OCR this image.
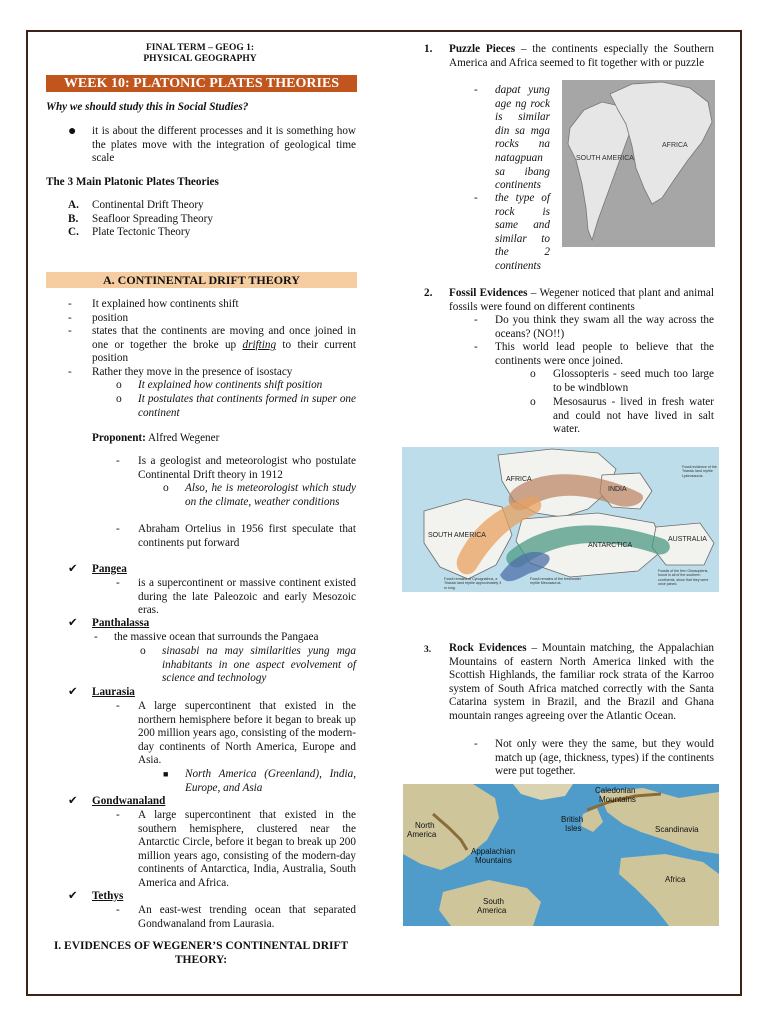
FINAL TERM – GEOG 1:
PHYSICAL GEOGRAPHY
WEEK 10: PLATONIC PLATES THEORIES
Why we should study this in Social Studies?
● it is about the different processes and it is something how the plates move with the integration of geological time scale
The 3 Main Platonic Plates Theories
A. Continental Drift Theory
B. Seafloor Spreading Theory
C. Plate Tectonic Theory
A. CONTINENTAL DRIFT THEORY
- It explained how continents shift
- position
- states that the continents are moving and once joined in one or together the broke up drifting to their current position
- Rather they move in the presence of isostacy
o It explained how continents shift position
o It postulates that continents formed in super one continent
Proponent: Alfred Wegener
- Is a geologist and meteorologist who postulate Continental Drift theory in 1912
o Also, he is meteorologist which study on the climate, weather conditions
- Abraham Ortelius in 1956 first speculate that continents put forward
✔ Pangea
- is a supercontinent or massive continent existed during the late Paleozoic and early Mesozoic eras.
✔ Panthalassa
- the massive ocean that surrounds the Pangaea
o sinasabi na may similarities yung mga inhabitants in one aspect evolvement of science and technology
✔ Laurasia
- A large supercontinent that existed in the northern hemisphere before it began to break up 200 million years ago, consisting of the modern-day continents of North America, Europe and Asia.
■ North America (Greenland), India, Europe, and Asia
✔ Gondwanaland
- A large supercontinent that existed in the southern hemisphere, clustered near the Antarctic Circle, before it began to break up 200 million years ago, consisting of the modern-day continents of Antarctica, India, Australia, South America and Africa.
✔ Tethys
- An east-west trending ocean that separated Gondwanaland from Laurasia.
I. EVIDENCES OF WEGENER’S CONTINENTAL DRIFT THEORY:
1. Puzzle Pieces – the continents especially the Southern America and Africa seemed to fit together with or puzzle
- dapat yung age ng rock is similar din sa mga rocks na natagpuan sa ibang continents
- the type of rock is same and similar to the 2 continents
SOUTH AMERICA
AFRICA
2. Fossil Evidences – Wegener noticed that plant and animal fossils were found on different continents
- Do you think they swam all the way across the oceans? (NO!!)
- This world lead people to believe that the continents were once joined.
o Glossopteris - seed much too large to be windblown
o Mesosaurus - lived in fresh water and could not have lived in salt water.
AFRICA
INDIA
SOUTH AMERICA
ANTARCTICA
AUSTRALIA
Fossil evidence of the Triassic land reptile Lystrosaurus.
Fossil remains of Cynognathus, a Triassic land reptile approximately 3 m long.
Fossil remains of the freshwater reptile Mesosaurus.
Fossils of the fern Glossopteris, found in all of the southern continents, show that they were once joined.
3. Rock Evidences – Mountain matching, the Appalachian Mountains of eastern North America linked with the Scottish Highlands, the familiar rock strata of the Karroo system of South Africa matched correctly with the Santa Catarina system in Brazil, and the Brazil and Ghana mountain ranges agreeing over the Atlantic Ocean.
- Not only were they the same, but they would match up (age, thickness, types) if the continents were put together.
Caledonian
Mountains
British
Isles	Scandinavia
North
America
Appalachian
Mountains
Africa
South
America
